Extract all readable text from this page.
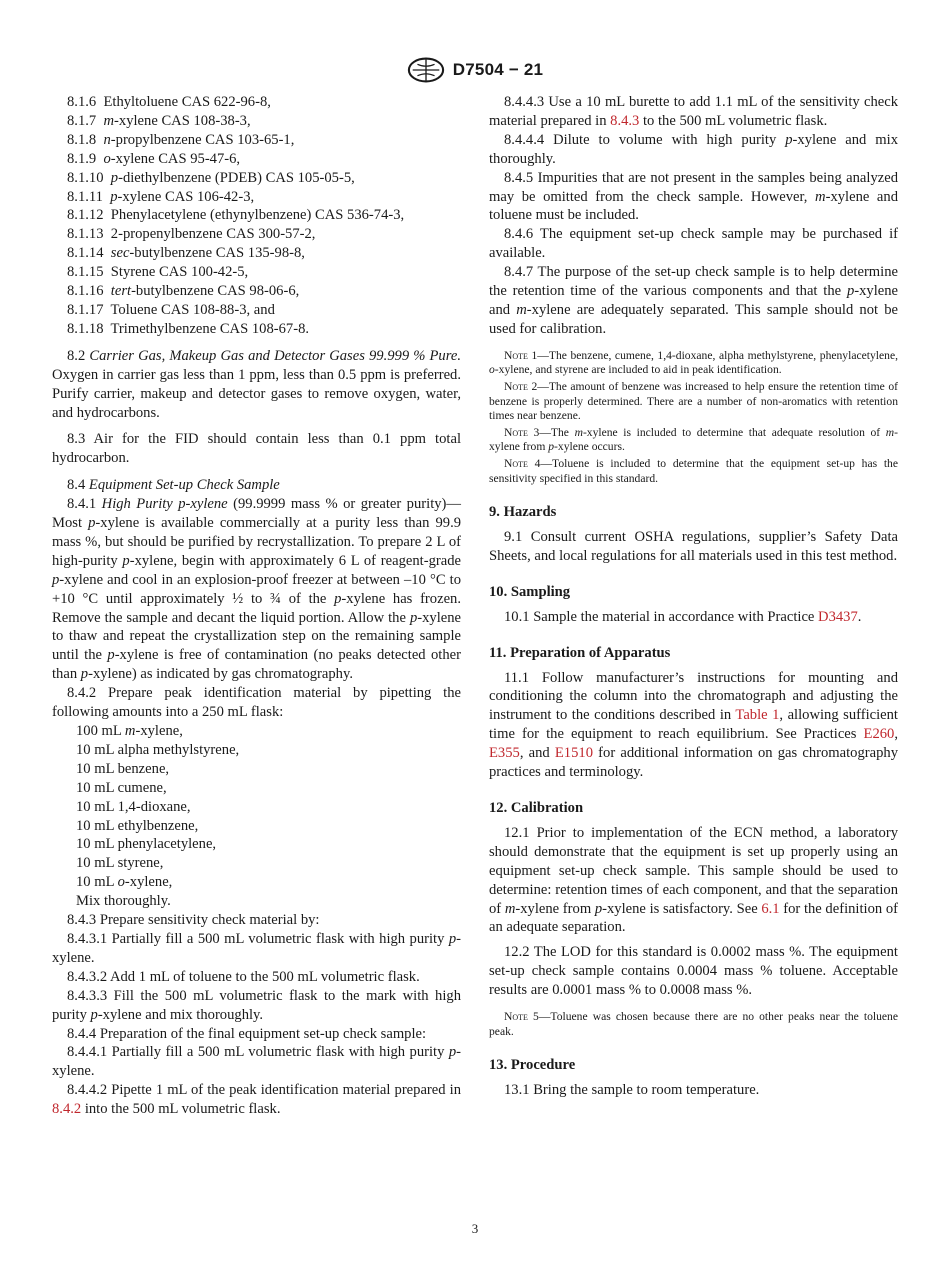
D7504 − 21

8.1.6 Ethyltoluene CAS 622-96-8,

8.1.7 m-xylene CAS 108-38-3,

8.1.8 n-propylbenzene CAS 103-65-1,

8.1.9 o-xylene CAS 95-47-6,

8.1.10 p-diethylbenzene (PDEB) CAS 105-05-5,

8.1.11 p-xylene CAS 106-42-3,

8.1.12 Phenylacetylene (ethynylbenzene) CAS 536-74-3,

8.1.13 2-propenylbenzene CAS 300-57-2,

8.1.14 sec-butylbenzene CAS 135-98-8,

8.1.15 Styrene CAS 100-42-5,

8.1.16 tert-butylbenzene CAS 98-06-6,

8.1.17 Toluene CAS 108-88-3, and

8.1.18 Trimethylbenzene CAS 108-67-8.

8.2 Carrier Gas, Makeup Gas and Detector Gases 99.999 % Pure. Oxygen in carrier gas less than 1 ppm, less than 0.5 ppm is preferred. Purify carrier, makeup and detector gases to remove oxygen, water, and hydrocarbons.

8.3 Air for the FID should contain less than 0.1 ppm total hydrocarbon.

8.4 Equipment Set-up Check Sample

8.4.1 High Purity p-xylene (99.9999 mass % or greater purity)—Most p-xylene is available commercially at a purity less than 99.9 mass %, but should be purified by recrystallization. To prepare 2 L of high-purity p-xylene, begin with approximately 6 L of reagent-grade p-xylene and cool in an explosion-proof freezer at between –10 °C to +10 °C until approximately ½ to ¾ of the p-xylene has frozen. Remove the sample and decant the liquid portion. Allow the p-xylene to thaw and repeat the crystallization step on the remaining sample until the p-xylene is free of contamination (no peaks detected other than p-xylene) as indicated by gas chromatography.

8.4.2 Prepare peak identification material by pipetting the following amounts into a 250 mL flask:

100 mL m-xylene,
10 mL alpha methylstyrene,
10 mL benzene,
10 mL cumene,
10 mL 1,4-dioxane,
10 mL ethylbenzene,
10 mL phenylacetylene,
10 mL styrene,
10 mL o-xylene,

Mix thoroughly.

8.4.3 Prepare sensitivity check material by:

8.4.3.1 Partially fill a 500 mL volumetric flask with high purity p-xylene.

8.4.3.2 Add 1 mL of toluene to the 500 mL volumetric flask.

8.4.3.3 Fill the 500 mL volumetric flask to the mark with high purity p-xylene and mix thoroughly.

8.4.4 Preparation of the final equipment set-up check sample:

8.4.4.1 Partially fill a 500 mL volumetric flask with high purity p-xylene.

8.4.4.2 Pipette 1 mL of the peak identification material prepared in 8.4.2 into the 500 mL volumetric flask.

8.4.4.3 Use a 10 mL burette to add 1.1 mL of the sensitivity check material prepared in 8.4.3 to the 500 mL volumetric flask.

8.4.4.4 Dilute to volume with high purity p-xylene and mix thoroughly.

8.4.5 Impurities that are not present in the samples being analyzed may be omitted from the check sample. However, m-xylene and toluene must be included.

8.4.6 The equipment set-up check sample may be purchased if available.

8.4.7 The purpose of the set-up check sample is to help determine the retention time of the various components and that the p-xylene and m-xylene are adequately separated. This sample should not be used for calibration.

Note 1—The benzene, cumene, 1,4-dioxane, alpha methylstyrene, phenylacetylene, o-xylene, and styrene are included to aid in peak identification.

Note 2—The amount of benzene was increased to help ensure the retention time of benzene is properly determined. There are a number of non-aromatics with retention times near benzene.

Note 3—The m-xylene is included to determine that adequate resolution of m-xylene from p-xylene occurs.

Note 4—Toluene is included to determine that the equipment set-up has the sensitivity specified in this standard.

9. Hazards

9.1 Consult current OSHA regulations, supplier’s Safety Data Sheets, and local regulations for all materials used in this test method.

10. Sampling

10.1 Sample the material in accordance with Practice D3437.

11. Preparation of Apparatus

11.1 Follow manufacturer’s instructions for mounting and conditioning the column into the chromatograph and adjusting the instrument to the conditions described in Table 1, allowing sufficient time for the equipment to reach equilibrium. See Practices E260, E355, and E1510 for additional information on gas chromatography practices and terminology.

12. Calibration

12.1 Prior to implementation of the ECN method, a laboratory should demonstrate that the equipment is set up properly using an equipment set-up check sample. This sample should be used to determine: retention times of each component, and that the separation of m-xylene from p-xylene is satisfactory. See 6.1 for the definition of an adequate separation.

12.2 The LOD for this standard is 0.0002 mass %. The equipment set-up check sample contains 0.0004 mass % toluene. Acceptable results are 0.0001 mass % to 0.0008 mass %.

Note 5—Toluene was chosen because there are no other peaks near the toluene peak.

13. Procedure

13.1 Bring the sample to room temperature.

3
